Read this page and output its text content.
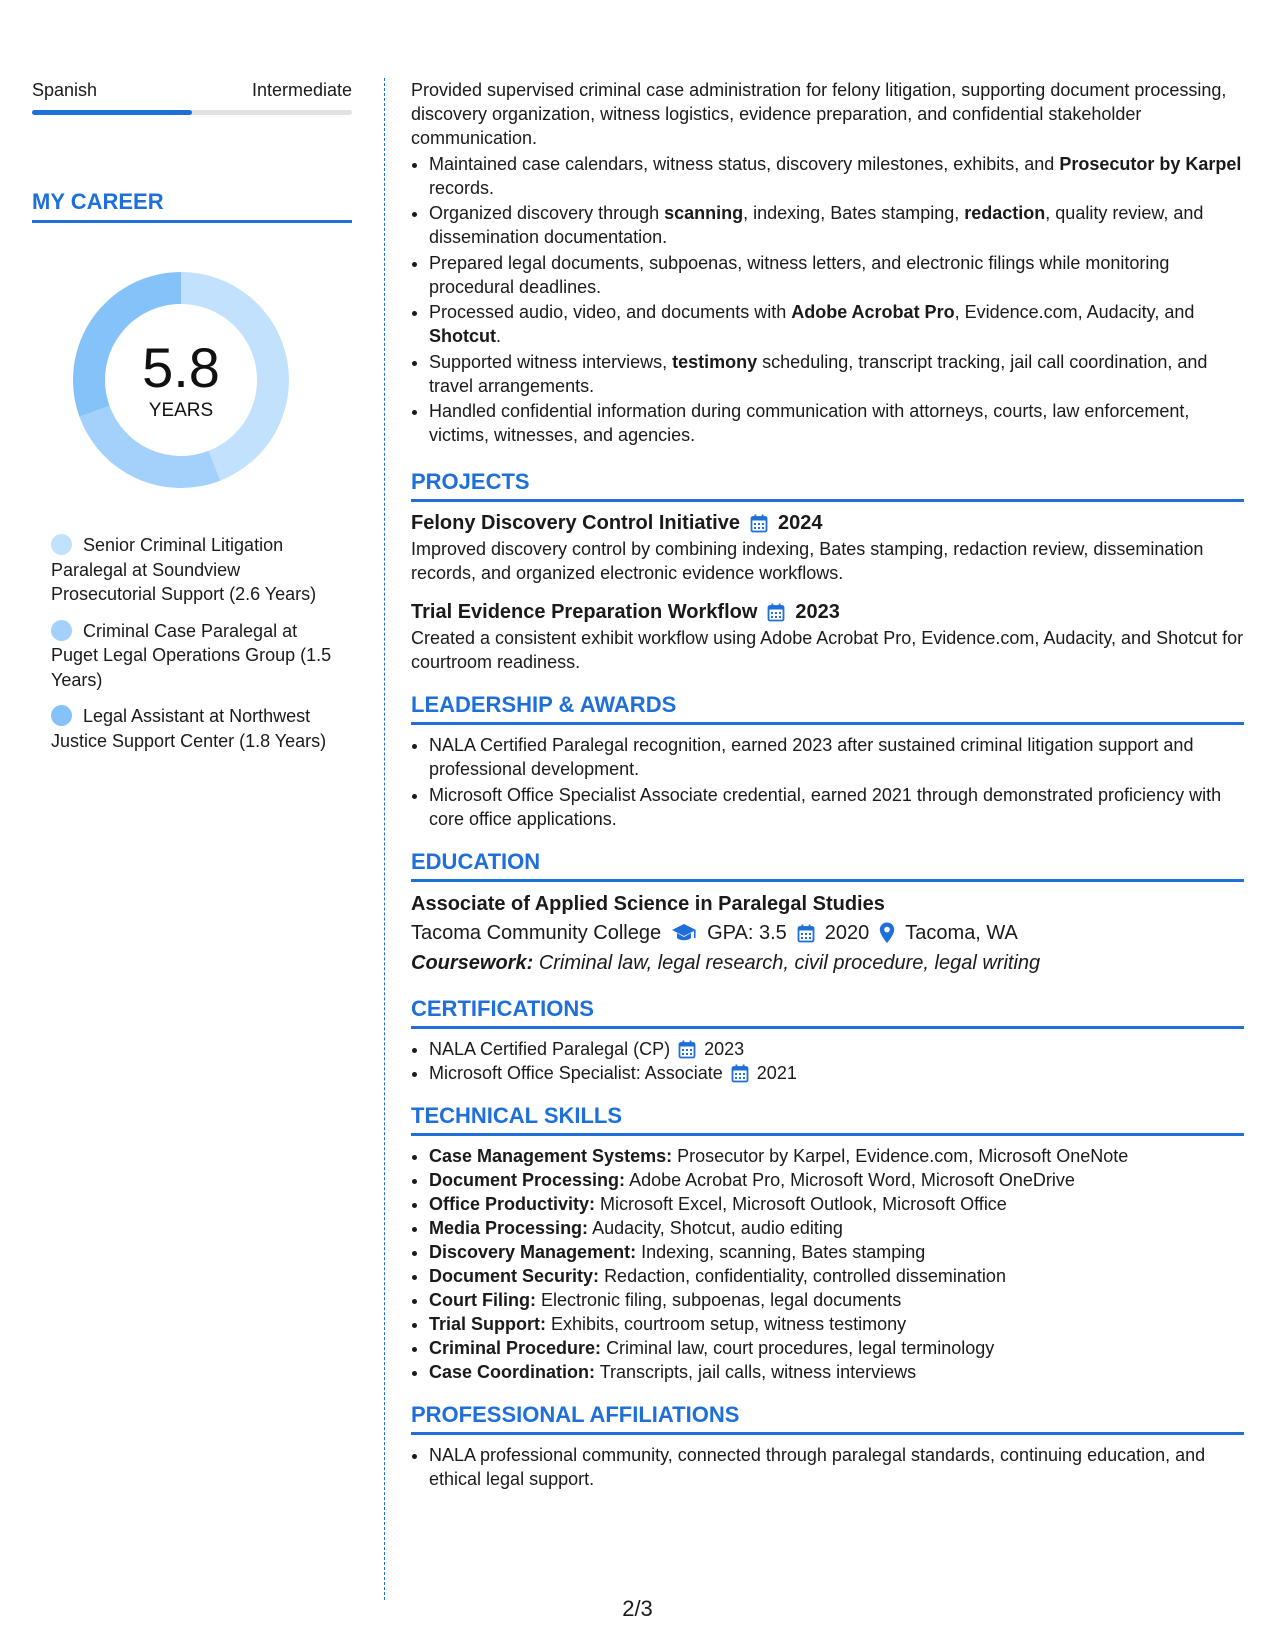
Spanish	Intermediate
MY CAREER
5.8
YEARS
Senior Criminal Litigation Paralegal at Soundview Prosecutorial Support (2.6 Years)
Criminal Case Paralegal at Puget Legal Operations Group (1.5 Years)
Legal Assistant at Northwest Justice Support Center (1.8 Years)

Provided supervised criminal case administration for felony litigation, supporting document processing, discovery organization, witness logistics, evidence preparation, and confidential stakeholder communication.

• Maintained case calendars, witness status, discovery milestones, exhibits, and Prosecutor by Karpel records.
• Organized discovery through scanning, indexing, Bates stamping, redaction, quality review, and dissemination documentation.
• Prepared legal documents, subpoenas, witness letters, and electronic filings while monitoring procedural deadlines.
• Processed audio, video, and documents with Adobe Acrobat Pro, Evidence.com, Audacity, and Shotcut.
• Supported witness interviews, testimony scheduling, transcript tracking, jail call coordination, and travel arrangements.
• Handled confidential information during communication with attorneys, courts, law enforcement, victims, witnesses, and agencies.
PROJECTS
Felony Discovery Control Initiative 2024

Improved discovery control by combining indexing, Bates stamping, redaction review, dissemination records, and organized electronic evidence workflows.

Trial Evidence Preparation Workflow 2023

Created a consistent exhibit workflow using Adobe Acrobat Pro, Evidence.com, Audacity, and Shotcut for courtroom readiness.

LEADERSHIP & AWARDS
• NALA Certified Paralegal recognition, earned 2023 after sustained criminal litigation support and professional development.
• Microsoft Office Specialist Associate credential, earned 2021 through demonstrated proficiency with core office applications.
EDUCATION
Associate of Applied Science in Paralegal Studies
Tacoma Community College GPA: 3.5 2020 Tacoma, WA
Coursework: Criminal law, legal research, civil procedure, legal writing
CERTIFICATIONS
• NALA Certified Paralegal (CP) 2023
• Microsoft Office Specialist: Associate 2021
TECHNICAL SKILLS
• Case Management Systems: Prosecutor by Karpel, Evidence.com, Microsoft OneNote
• Document Processing: Adobe Acrobat Pro, Microsoft Word, Microsoft OneDrive
• Office Productivity: Microsoft Excel, Microsoft Outlook, Microsoft Office
• Media Processing: Audacity, Shotcut, audio editing
• Discovery Management: Indexing, scanning, Bates stamping
• Document Security: Redaction, confidentiality, controlled dissemination
• Court Filing: Electronic filing, subpoenas, legal documents
• Trial Support: Exhibits, courtroom setup, witness testimony
• Criminal Procedure: Criminal law, court procedures, legal terminology
• Case Coordination: Transcripts, jail calls, witness interviews
PROFESSIONAL AFFILIATIONS
• NALA professional community, connected through paralegal standards, continuing education, and ethical legal support.
2/3
